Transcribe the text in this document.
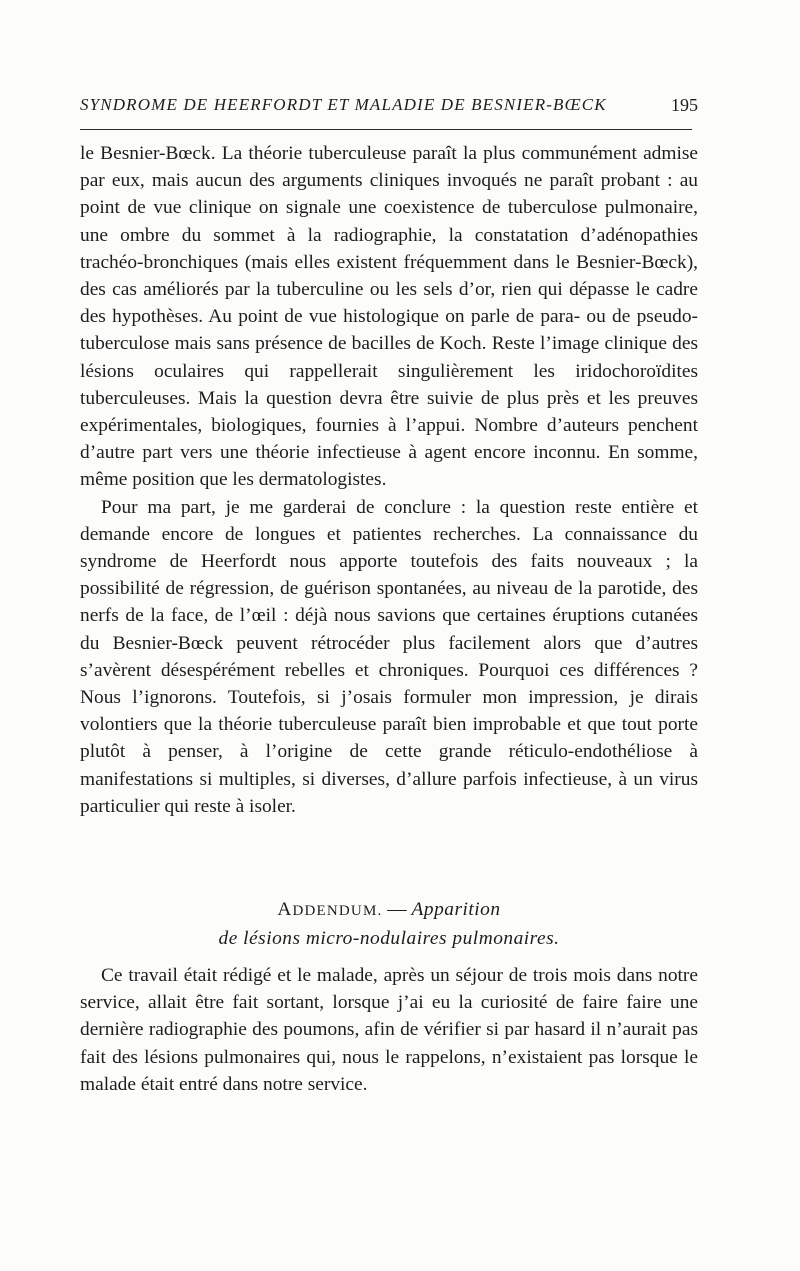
SYNDROME DE HEERFORDT ET MALADIE DE BESNIER-BŒCK	195

le Besnier-Bœck. La théorie tuberculeuse paraît la plus communément admise par eux, mais aucun des arguments cliniques invoqués ne paraît probant : au point de vue clinique on signale une coexistence de tuberculose pulmonaire, une ombre du sommet à la radiographie, la constatation d’adénopathies trachéo-bronchiques (mais elles existent fréquemment dans le Besnier-Bœck), des cas améliorés par la tuberculine ou les sels d’or, rien qui dépasse le cadre des hypothèses. Au point de vue histologique on parle de para- ou de pseudo-tuberculose mais sans présence de bacilles de Koch. Reste l’image clinique des lésions oculaires qui rappellerait singulièrement les iridochoroïdites tuberculeuses. Mais la question devra être suivie de plus près et les preuves expérimentales, biologiques, fournies à l’appui. Nombre d’auteurs penchent d’autre part vers une théorie infectieuse à agent encore inconnu. En somme, même position que les dermatologistes.

Pour ma part, je me garderai de conclure : la question reste entière et demande encore de longues et patientes recherches. La connaissance du syndrome de Heerfordt nous apporte toutefois des faits nouveaux ; la possibilité de régression, de guérison spontanées, au niveau de la parotide, des nerfs de la face, de l’œil : déjà nous savions que certaines éruptions cutanées du Besnier-Bœck peuvent rétrocéder plus facilement alors que d’autres s’avèrent désespérément rebelles et chroniques. Pourquoi ces différences ? Nous l’ignorons. Toutefois, si j’osais formuler mon impression, je dirais volontiers que la théorie tuberculeuse paraît bien improbable et que tout porte plutôt à penser, à l’origine de cette grande réticulo-endothéliose à manifestations si multiples, si diverses, d’allure parfois infectieuse, à un virus particulier qui reste à isoler.

ADDENDUM. — Apparition
de lésions micro-nodulaires pulmonaires.

Ce travail était rédigé et le malade, après un séjour de trois mois dans notre service, allait être fait sortant, lorsque j’ai eu la curiosité de faire faire une dernière radiographie des poumons, afin de vérifier si par hasard il n’aurait pas fait des lésions pulmonaires qui, nous le rappelons, n’existaient pas lorsque le malade était entré dans notre service.
